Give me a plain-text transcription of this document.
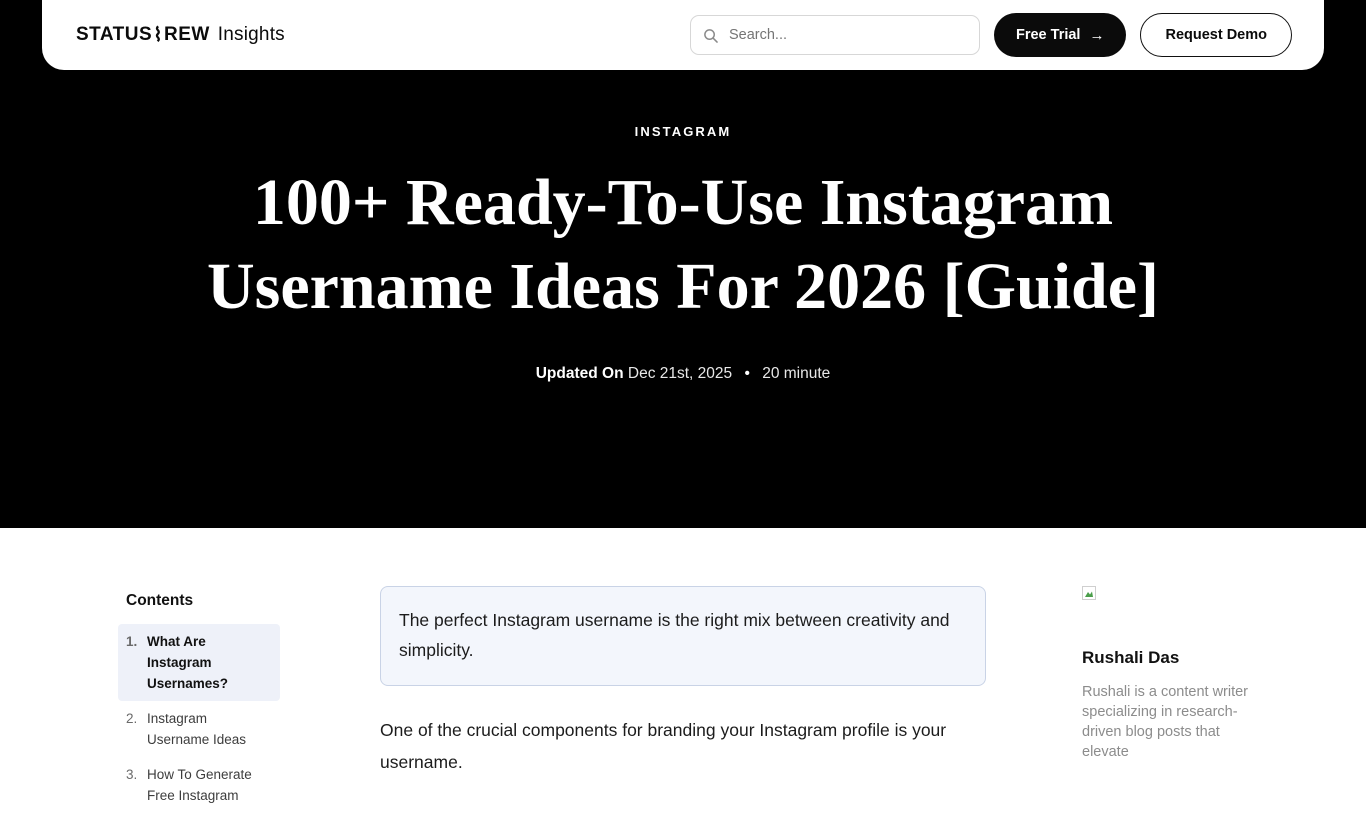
STATUS ⌇ REW Insights
Search...	Free Trial →	Request Demo
INSTAGRAM
100+ Ready-To-Use Instagram Username Ideas For 2026 [Guide]
Updated On Dec 21st, 2025 • 20 minute
Contents
1. What Are Instagram Usernames?
2. Instagram Username Ideas
3. How To Generate Free Instagram
The perfect Instagram username is the right mix between creativity and simplicity.

One of the crucial components for branding your Instagram profile is your username.

Rushali Das
Rushali is a content writer specializing in research-driven blog posts that elevate
